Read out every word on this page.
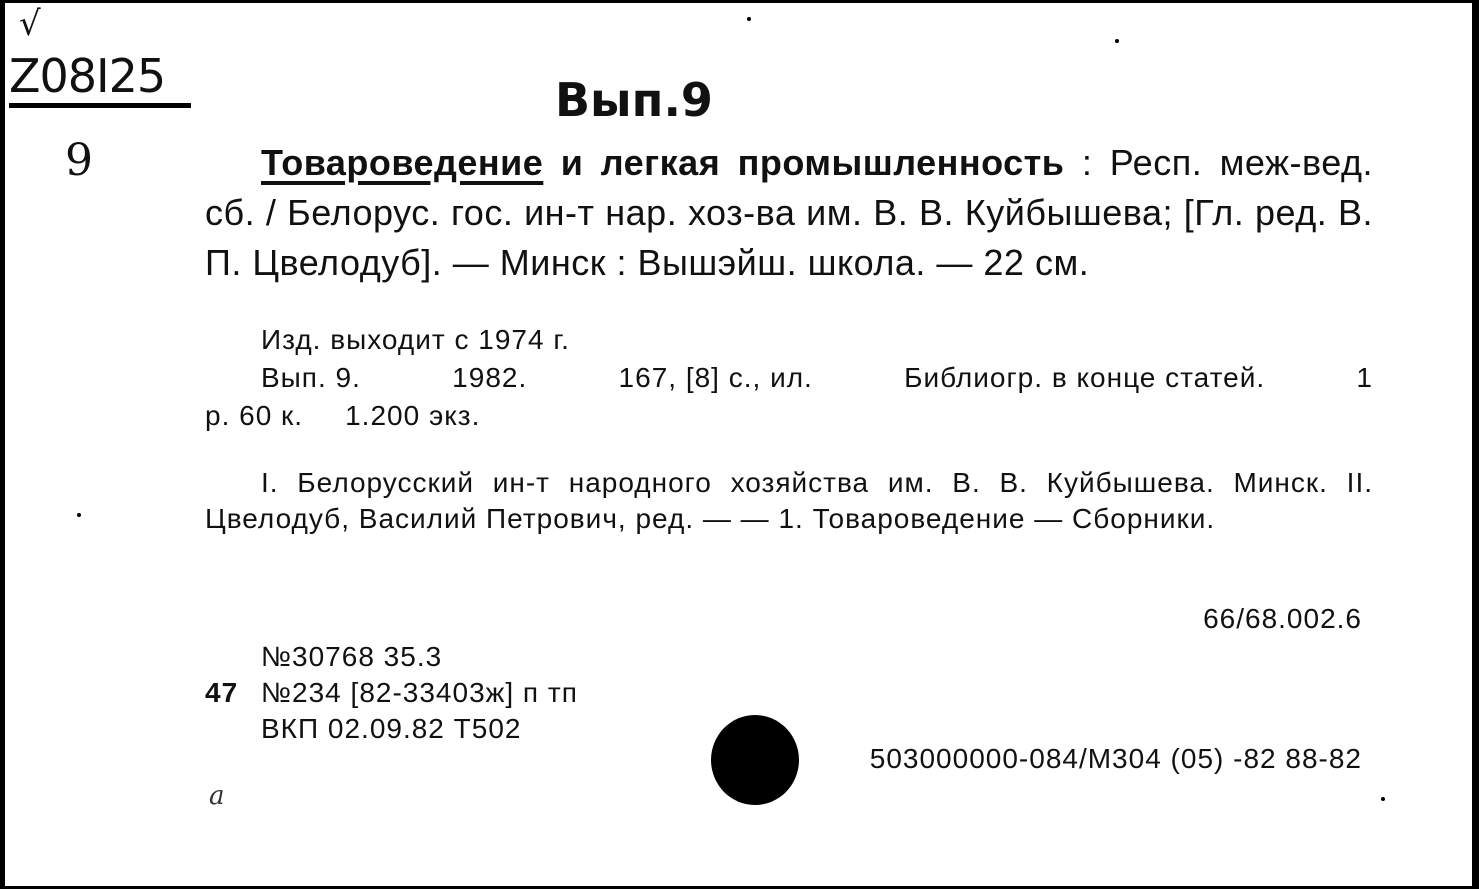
√
Z08I25
9
Вып.9
Товароведение и легкая промышленность : Респ. меж-вед. сб. / Белорус. гос. ин-т нар. хоз-ва им. В. В. Куйбышева; [Гл. ред. В. П. Цвелодуб]. — Минск : Вышэйш. школа. — 22 см.

Изд. выходит с 1974 г.

Вып. 9.	1982.	167, [8] с., ил.	Библиогр. в конце статей.	1

р. 60 к. 1.200 экз.

I. Белорусский ин-т народного хозяйства им. В. В. Куйбышева. Минск. II. Цвелодуб, Василий Петрович, ред. — — 1. Товароведение — Сборники.
66/68.002.6
№30768 35.3
47 №234 [82-33403ж] п тп
ВКП 02.09.82 Т502
503000000-084/М304 (05) -82 88-82
a
